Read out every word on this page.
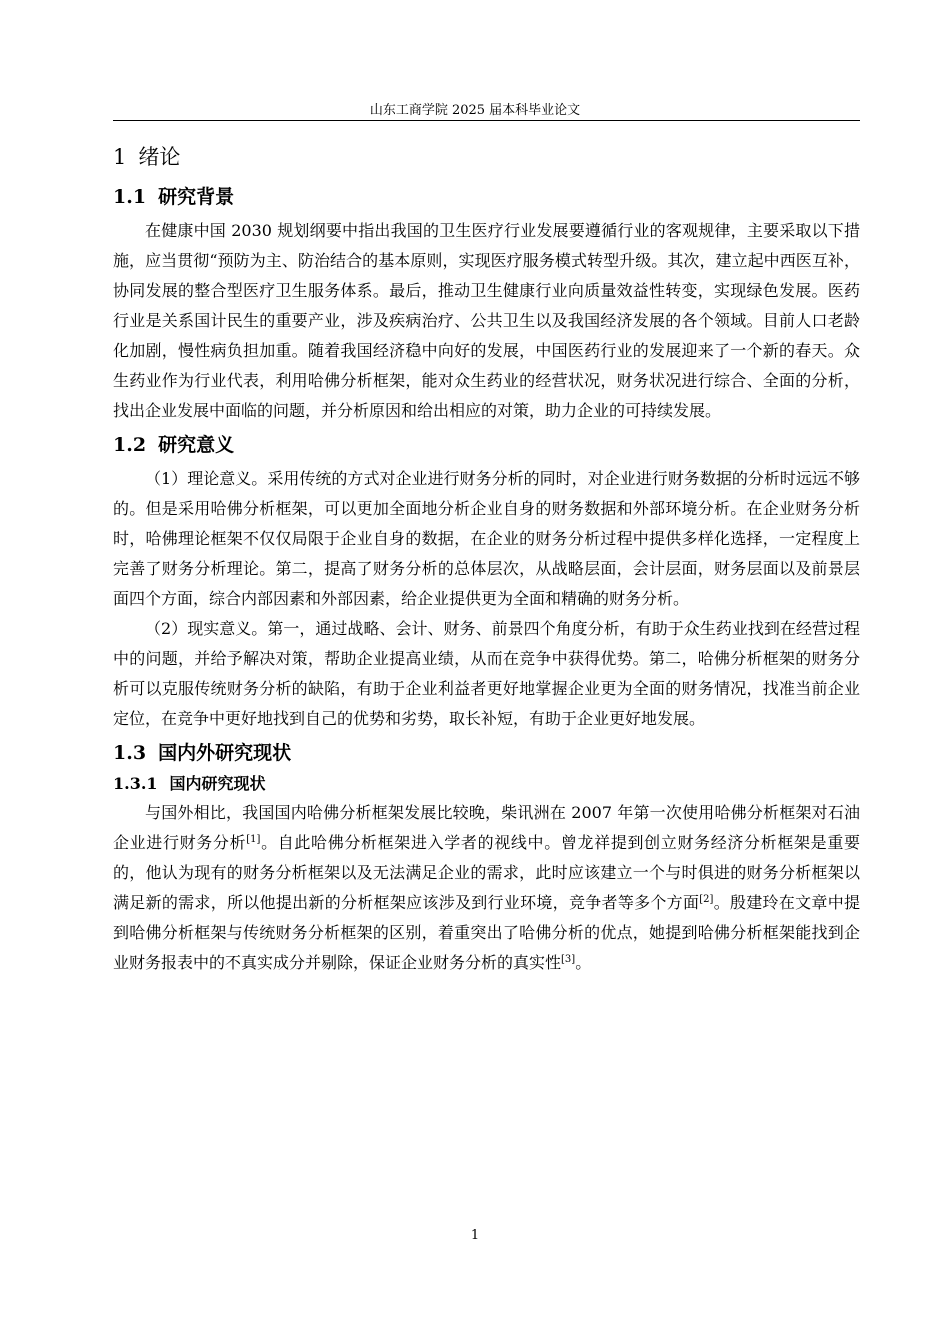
山东工商学院 2025 届本科毕业论文
1 绪论
1.1 研究背景

在健康中国 2030 规划纲要中指出我国的卫生医疗行业发展要遵循行业的客观规律，主要采取以下措施，应当贯彻“预防为主、防治结合的基本原则，实现医疗服务模式转型升级。其次，建立起中西医互补，协同发展的整合型医疗卫生服务体系。最后，推动卫生健康行业向质量效益性转变，实现绿色发展。医药行业是关系国计民生的重要产业，涉及疾病治疗、公共卫生以及我国经济发展的各个领域。目前人口老龄化加剧，慢性病负担加重。随着我国经济稳中向好的发展，中国医药行业的发展迎来了一个新的春天。众生药业作为行业代表，利用哈佛分析框架，能对众生药业的经营状况，财务状况进行综合、全面的分析，找出企业发展中面临的问题，并分析原因和给出相应的对策，助力企业的可持续发展。

1.2 研究意义

（1）理论意义。采用传统的方式对企业进行财务分析的同时，对企业进行财务数据的分析时远远不够的。但是采用哈佛分析框架，可以更加全面地分析企业自身的财务数据和外部环境分析。在企业财务分析时，哈佛理论框架不仅仅局限于企业自身的数据，在企业的财务分析过程中提供多样化选择，一定程度上完善了财务分析理论。第二，提高了财务分析的总体层次，从战略层面，会计层面，财务层面以及前景层面四个方面，综合内部因素和外部因素，给企业提供更为全面和精确的财务分析。

（2）现实意义。第一，通过战略、会计、财务、前景四个角度分析，有助于众生药业找到在经营过程中的问题，并给予解决对策，帮助企业提高业绩，从而在竞争中获得优势。第二，哈佛分析框架的财务分析可以克服传统财务分析的缺陷，有助于企业利益者更好地掌握企业更为全面的财务情况，找准当前企业定位，在竞争中更好地找到自己的优势和劣势，取长补短，有助于企业更好地发展。

1.3 国内外研究现状
1.3.1 国内研究现状

与国外相比，我国国内哈佛分析框架发展比较晚，柴讯洲在 2007 年第一次使用哈佛分析框架对石油企业进行财务分析[1]。自此哈佛分析框架进入学者的视线中。曾龙祥提到创立财务经济分析框架是重要的，他认为现有的财务分析框架以及无法满足企业的需求，此时应该建立一个与时俱进的财务分析框架以满足新的需求，所以他提出新的分析框架应该涉及到行业环境，竞争者等多个方面[2]。殷建玲在文章中提到哈佛分析框架与传统财务分析框架的区别，着重突出了哈佛分析的优点，她提到哈佛分析框架能找到企业财务报表中的不真实成分并剔除，保证企业财务分析的真实性[3]。

1
